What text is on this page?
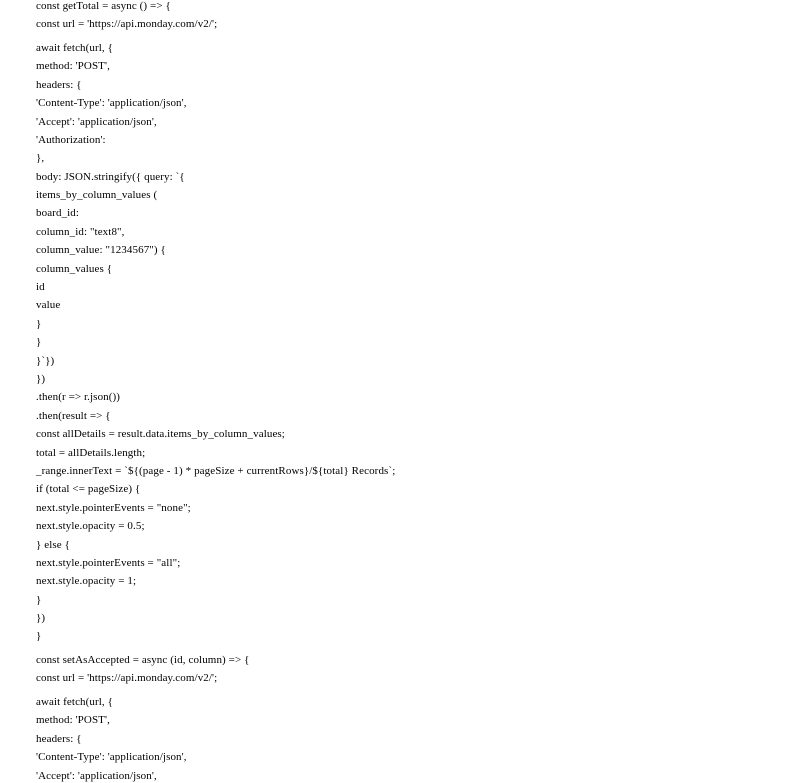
const getTotal = async () => {
const url = 'https://api.monday.com/v2/';
await fetch(url, {
method: 'POST',
headers: {
'Content-Type': 'application/json',
'Accept': 'application/json',
'Authorization':
},
body: JSON.stringify({ query: `{
items_by_column_values (
board_id:
column_id: "text8",
column_value: "1234567") {
column_values {
id
value
}
}
}`})
})
.then(r => r.json())
.then(result => {
const allDetails = result.data.items_by_column_values;
total = allDetails.length;
_range.innerText = `${(page - 1) * pageSize + currentRows}/${total} Records`;
if (total <= pageSize) {
next.style.pointerEvents = "none";
next.style.opacity = 0.5;
} else {
next.style.pointerEvents = "all";
next.style.opacity = 1;
}
})
}
const setAsAccepted = async (id, column) => {
const url = 'https://api.monday.com/v2/';
await fetch(url, {
method: 'POST',
headers: {
'Content-Type': 'application/json',
'Accept': 'application/json',
